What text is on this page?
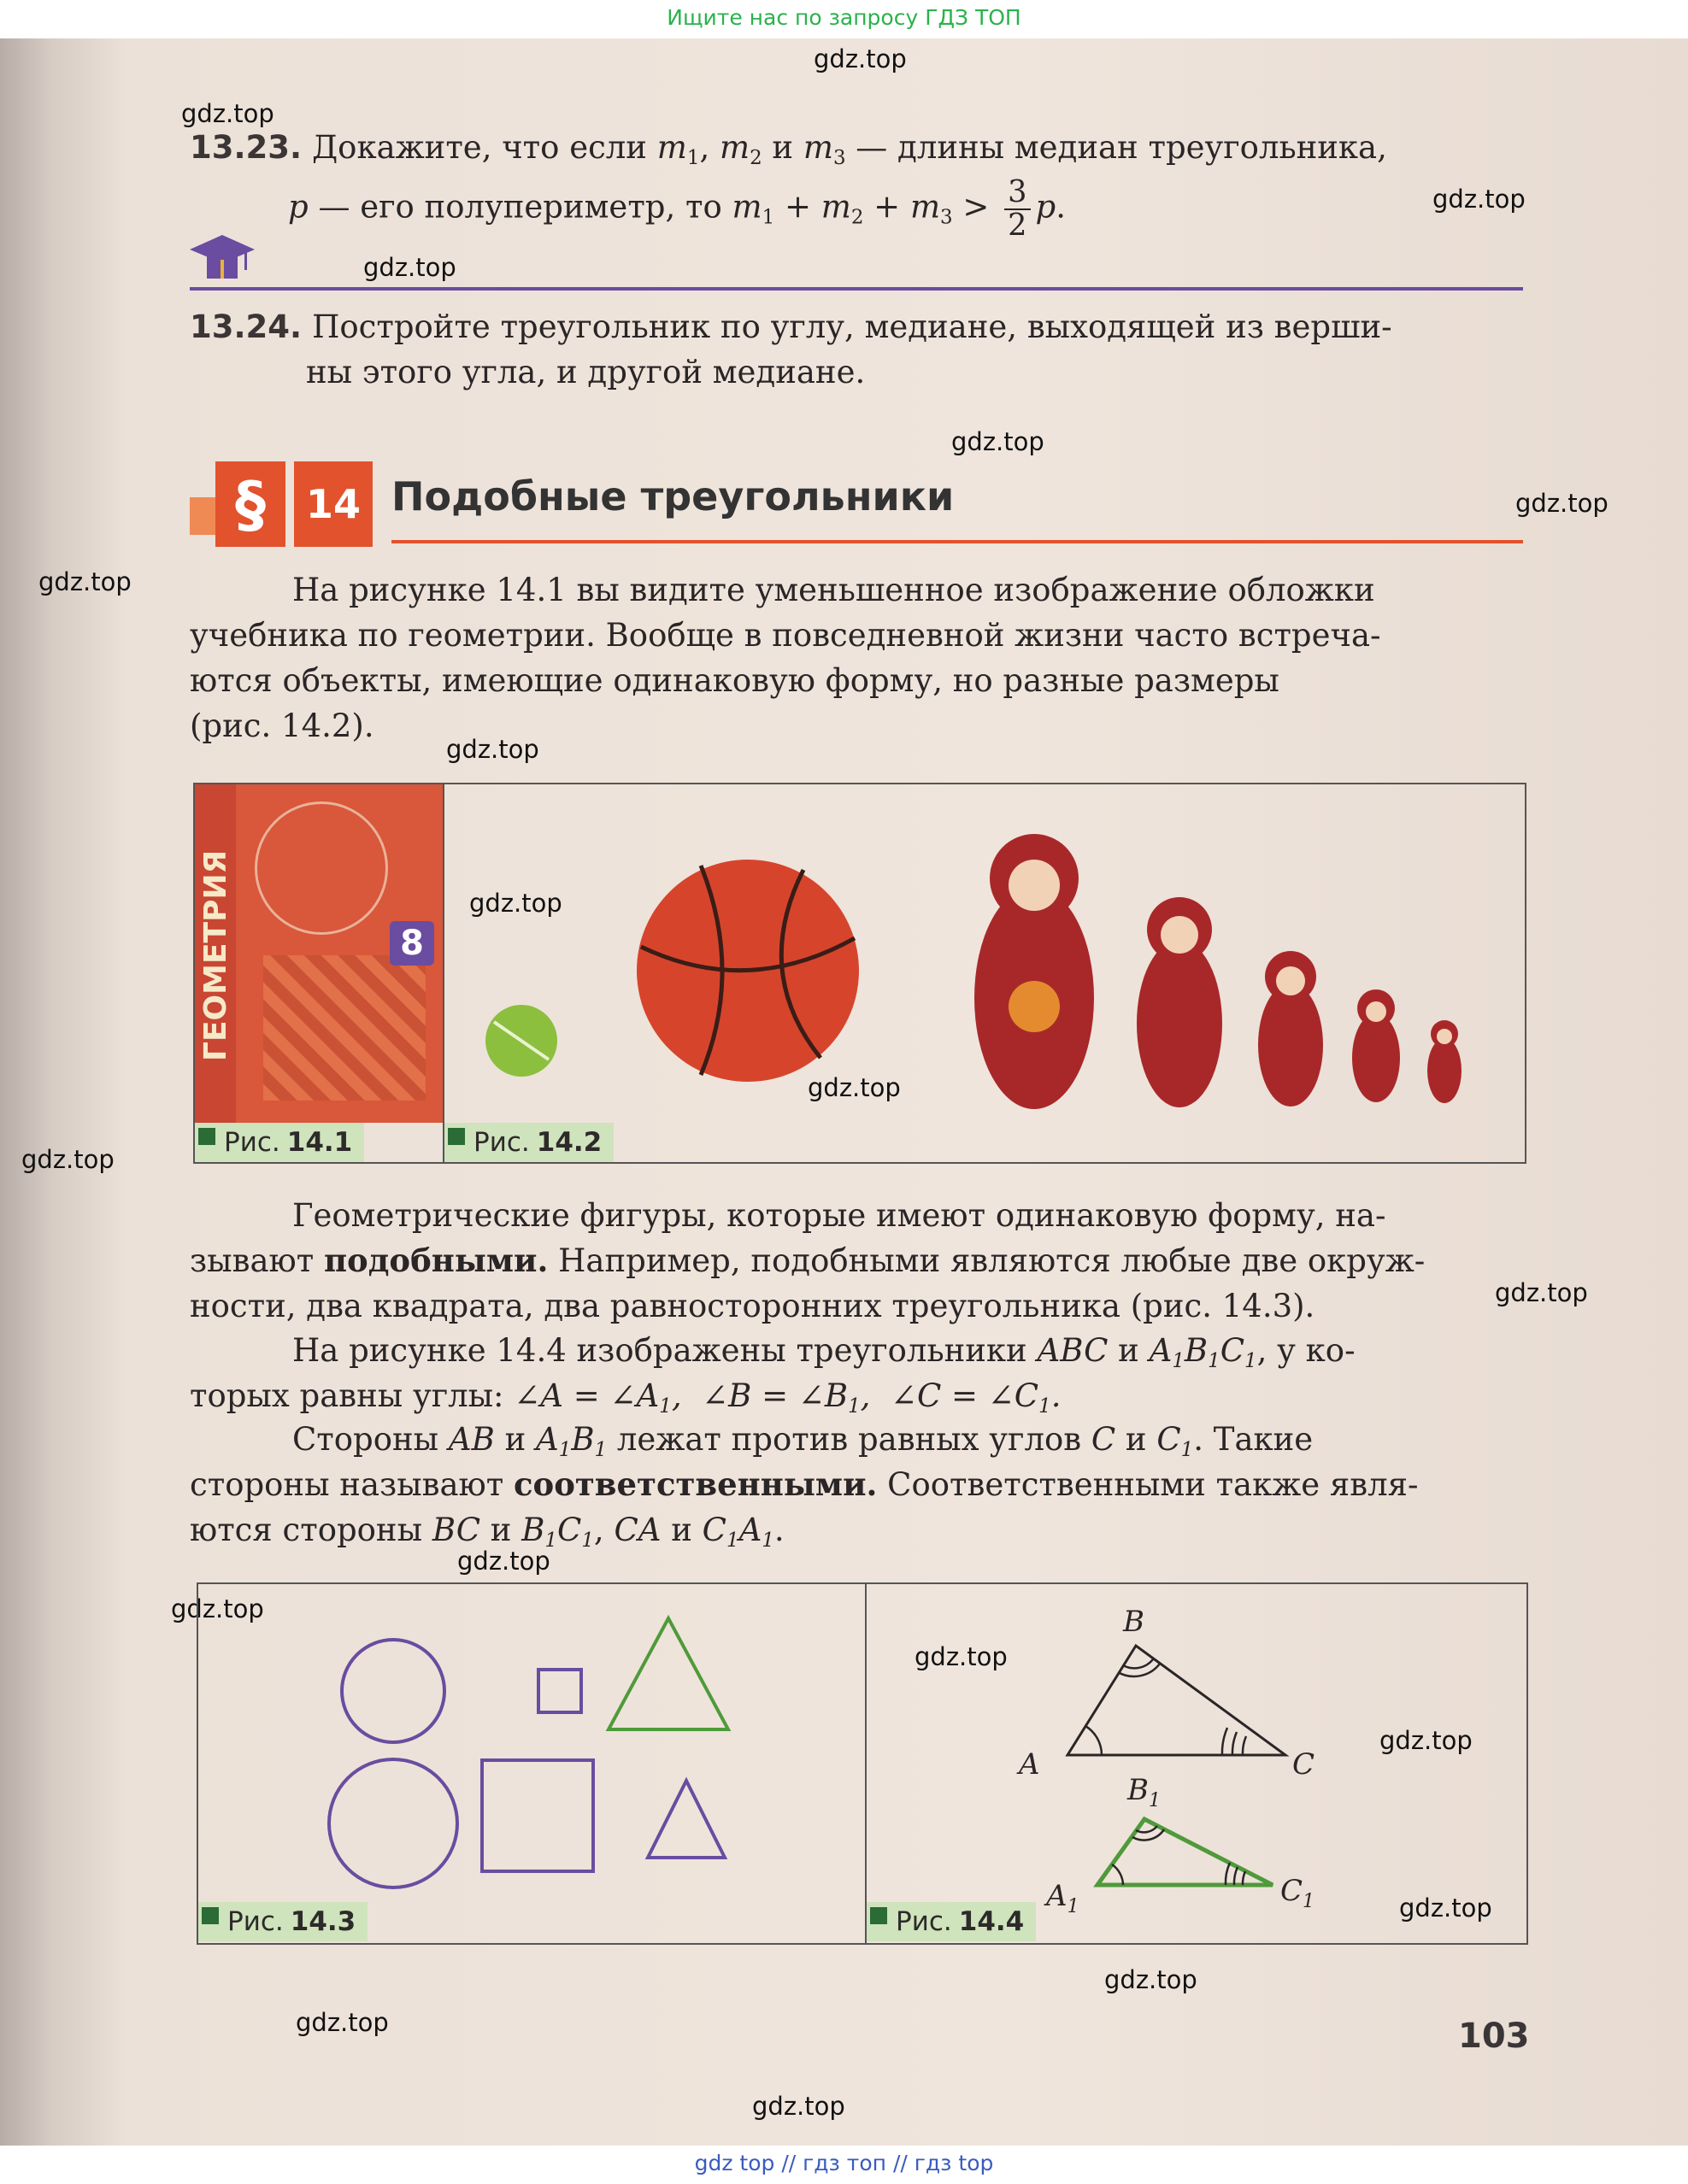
Ищите нас по запросу ГДЗ ТОП
gdz.top
gdz.top
gdz.top
gdz.top
gdz.top
gdz.top
gdz.top
gdz.top
gdz.top
gdz.top
gdz.top
gdz.top
gdz.top
gdz.top
gdz.top
gdz.top
gdz.top
gdz.top
gdz.top
gdz.top
13.23. Докажите, что если $m_1$, $m_2$ и $m_3$ — длины медиан треугольника,
p — его полупериметр, то $m_1 + m_2 + m_3 > \frac{3}{2} p$.
13.24. Постройте треугольник по углу, медиане, выходящей из верши-
ны этого угла, и другой медиане.
§	14 Подобные треугольники
На рисунке 14.1 вы видите уменьшенное изображение обложки
учебника по геометрии. Вообще в повседневной жизни часто встреча-
ются объекты, имеющие одинаковую форму, но разные размеры
(рис. 14.2).
ГЕОМЕТРИЯ	8
Рис. 14.1	Рис. 14.2
Геометрические фигуры, которые имеют одинаковую форму, на-
зывают подобными. Например, подобными являются любые две окруж-
ности, два квадрата, два равносторонних треугольника (рис. 14.3).
На рисунке 14.4 изображены треугольники ABC и $A_1B_1C_1$, у ко-
торых равны углы: ∠A = $\angle A_1$,  ∠B = $\angle B_1$,  ∠C = $\angle C_1$.
Стороны AB и $A_1B_1$ лежат против равных углов C и $C_1$. Такие
стороны называют соответственными. Соответственными также явля-
ются стороны BC и $B_1C_1$, CA и $C_1A_1$.
Рис. 14.3	Рис. 14.4
A
B
C
$A_1$
$B_1$
$C_1$
103
gdz top // гдз топ // гдз top
